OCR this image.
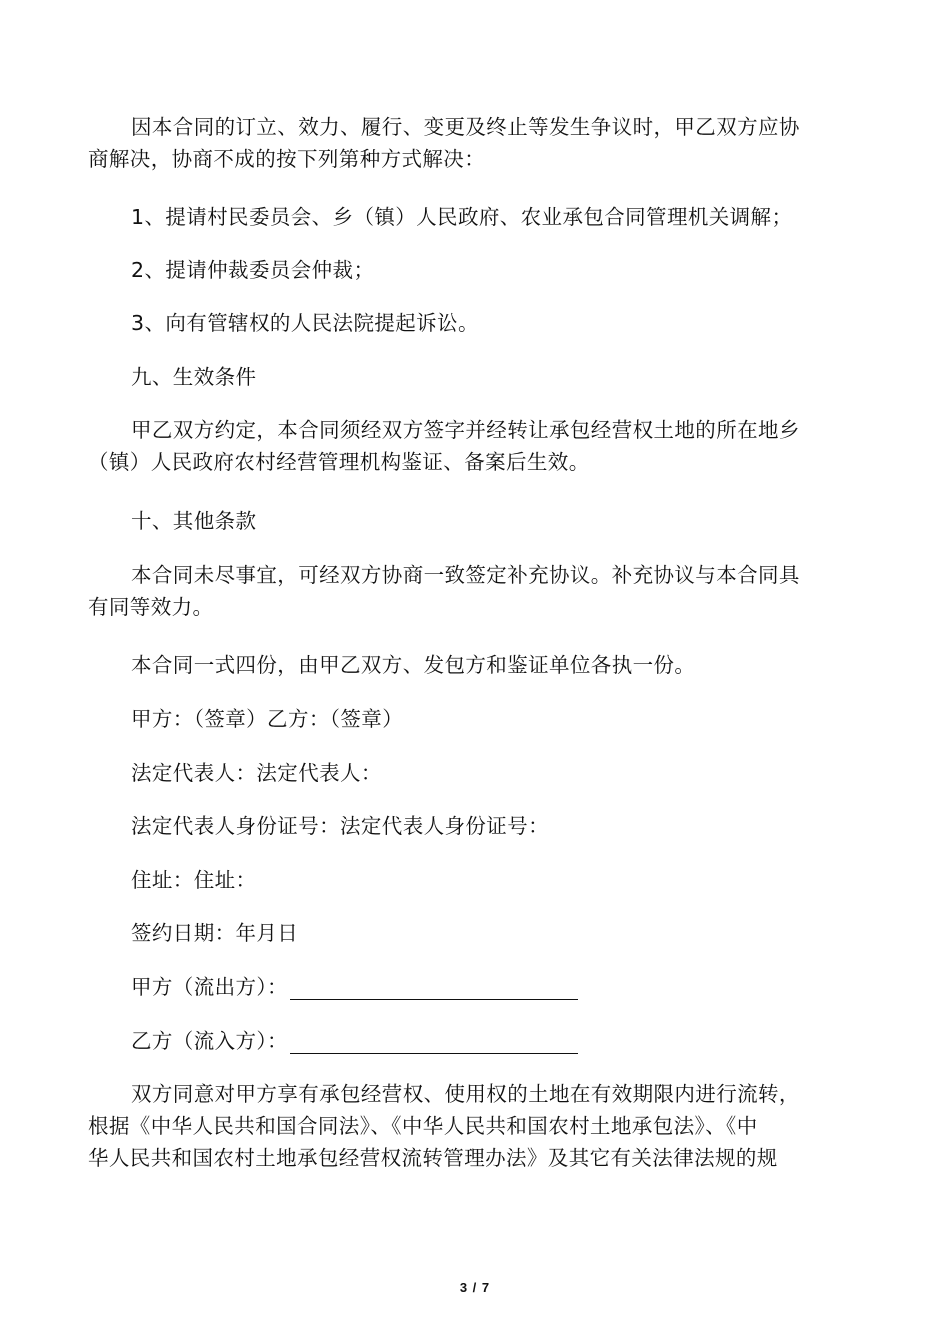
因本合同的订立、效力、履行、变更及终止等发生争议时，甲乙双方应协
商解决，协商不成的按下列第种方式解决：

1、提请村民委员会、乡（镇）人民政府、农业承包合同管理机关调解；

2、提请仲裁委员会仲裁；

3、向有管辖权的人民法院提起诉讼。

九、生效条件

甲乙双方约定，本合同须经双方签字并经转让承包经营权土地的所在地乡
（镇）人民政府农村经营管理机构鉴证、备案后生效。

十、其他条款

本合同未尽事宜，可经双方协商一致签定补充协议。补充协议与本合同具
有同等效力。

本合同一式四份，由甲乙双方、发包方和鉴证单位各执一份。

甲方：（签章）乙方：（签章）

法定代表人：法定代表人：

法定代表人身份证号：法定代表人身份证号：

住址：住址：

签约日期：年月日

甲方（流出方）：

乙方（流入方）：

双方同意对甲方享有承包经营权、使用权的土地在有效期限内进行流转，
根据《中华人民共和国合同法》、《中华人民共和国农村土地承包法》、《中
华人民共和国农村土地承包经营权流转管理办法》及其它有关法律法规的规

3 / 7
